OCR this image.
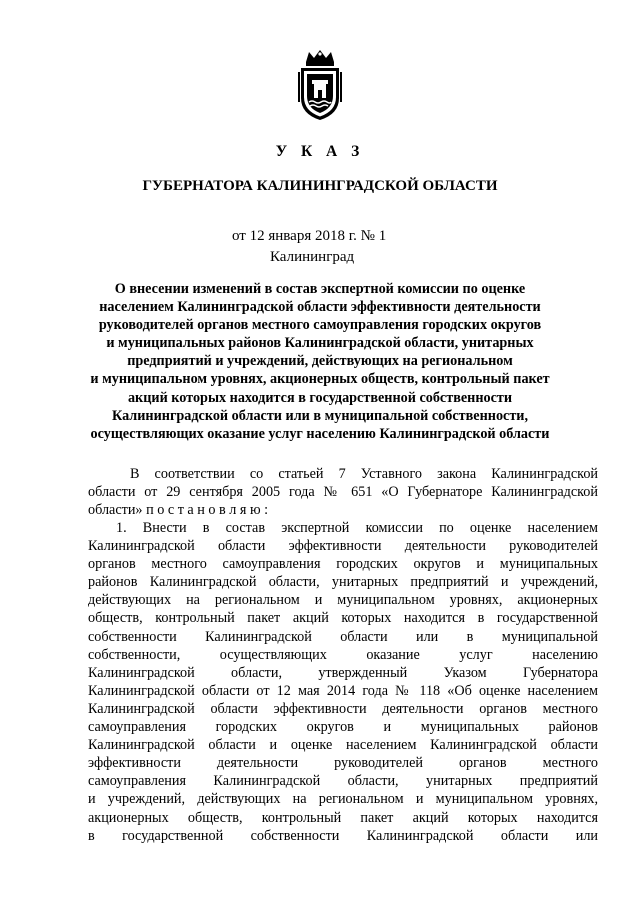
У К А З
ГУБЕРНАТОРА КАЛИНИНГРАДСКОЙ ОБЛАСТИ
от 12 января 2018 г. № 1
Калининград
О внесении изменений в состав экспертной комиссии по оценке
населением Калининградской области эффективности деятельности
руководителей органов местного самоуправления городских округов
и муниципальных районов Калининградской области, унитарных
предприятий и учреждений, действующих на региональном
и муниципальном уровнях, акционерных обществ, контрольный пакет
акций которых находится в государственной собственности
Калининградской области или в муниципальной собственности,
осуществляющих оказание услуг населению Калининградской области
В соответствии со статьей 7 Уставного закона Калининградской
области от 29 сентября 2005 года № 651 «О Губернаторе Калининградской
области» п о с т а н о в л я ю :
1. Внести в состав экспертной комиссии по оценке населением
Калининградской области эффективности деятельности руководителей
органов местного самоуправления городских округов и муниципальных
районов Калининградской области, унитарных предприятий и учреждений,
действующих на региональном и муниципальном уровнях, акционерных
обществ, контрольный пакет акций которых находится в государственной
собственности Калининградской области или в муниципальной
собственности, осуществляющих оказание услуг населению
Калининградской области, утвержденный Указом Губернатора
Калининградской области от 12 мая 2014 года № 118 «Об оценке населением
Калининградской области эффективности деятельности органов местного
самоуправления городских округов и муниципальных районов
Калининградской области и оценке населением Калининградской области
эффективности деятельности руководителей органов местного
самоуправления Калининградской области, унитарных предприятий
и учреждений, действующих на региональном и муниципальном уровнях,
акционерных обществ, контрольный пакет акций которых находится
в государственной собственности Калининградской области или
